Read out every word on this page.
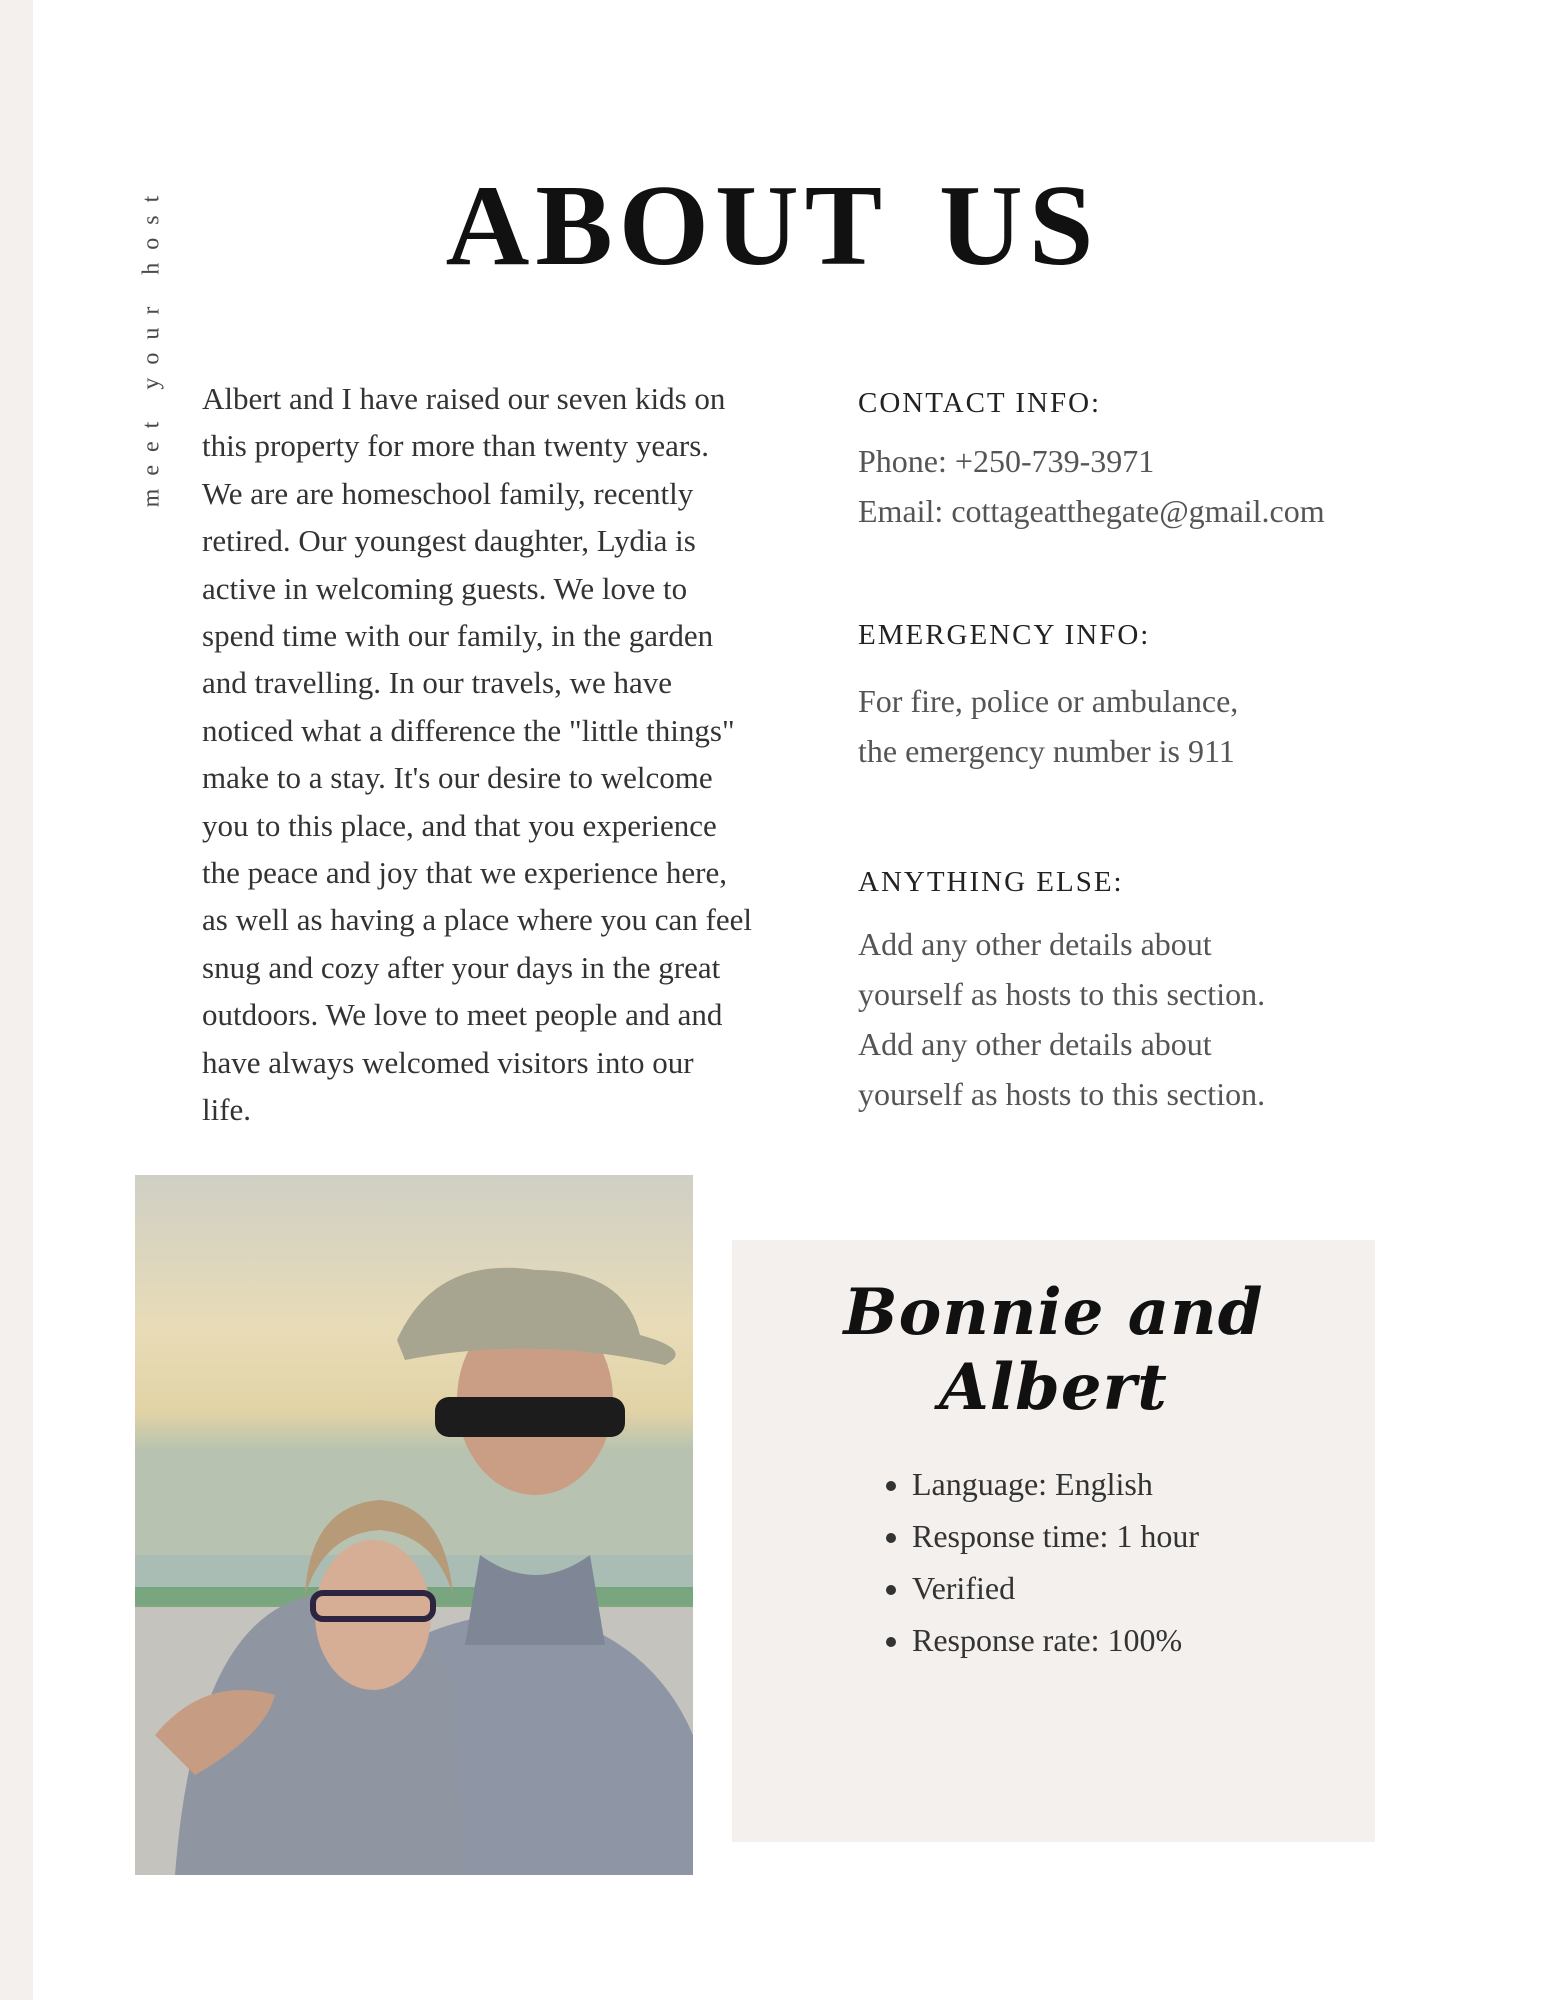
meet your host	ABOUT US

Albert and I have raised our seven kids on

this property for more than twenty years.

We are are homeschool family, recently

retired. Our youngest daughter, Lydia is

active in welcoming guests. We love to

spend time with our family, in the garden

and travelling. In our travels, we have

noticed what a difference the "little things"

make to a stay. It's our desire to welcome

you to this place, and that you experience

the peace and joy that we experience here,

as well as having a place where you can feel

snug and cozy after your days in the great

outdoors. We love to meet people and and

have always welcomed visitors into our

life.

CONTACT INFO:
Phone: +250-739-3971
Email: cottageatthegate@gmail.com
EMERGENCY INFO:
For fire, police or ambulance,
the emergency number is 911
ANYTHING ELSE:
Add any other details about
yourself as hosts to this section.
Add any other details about
yourself as hosts to this section.
Bonnie and Albert
• Language: English
• Response time: 1 hour
• Verified
• Response rate: 100%
